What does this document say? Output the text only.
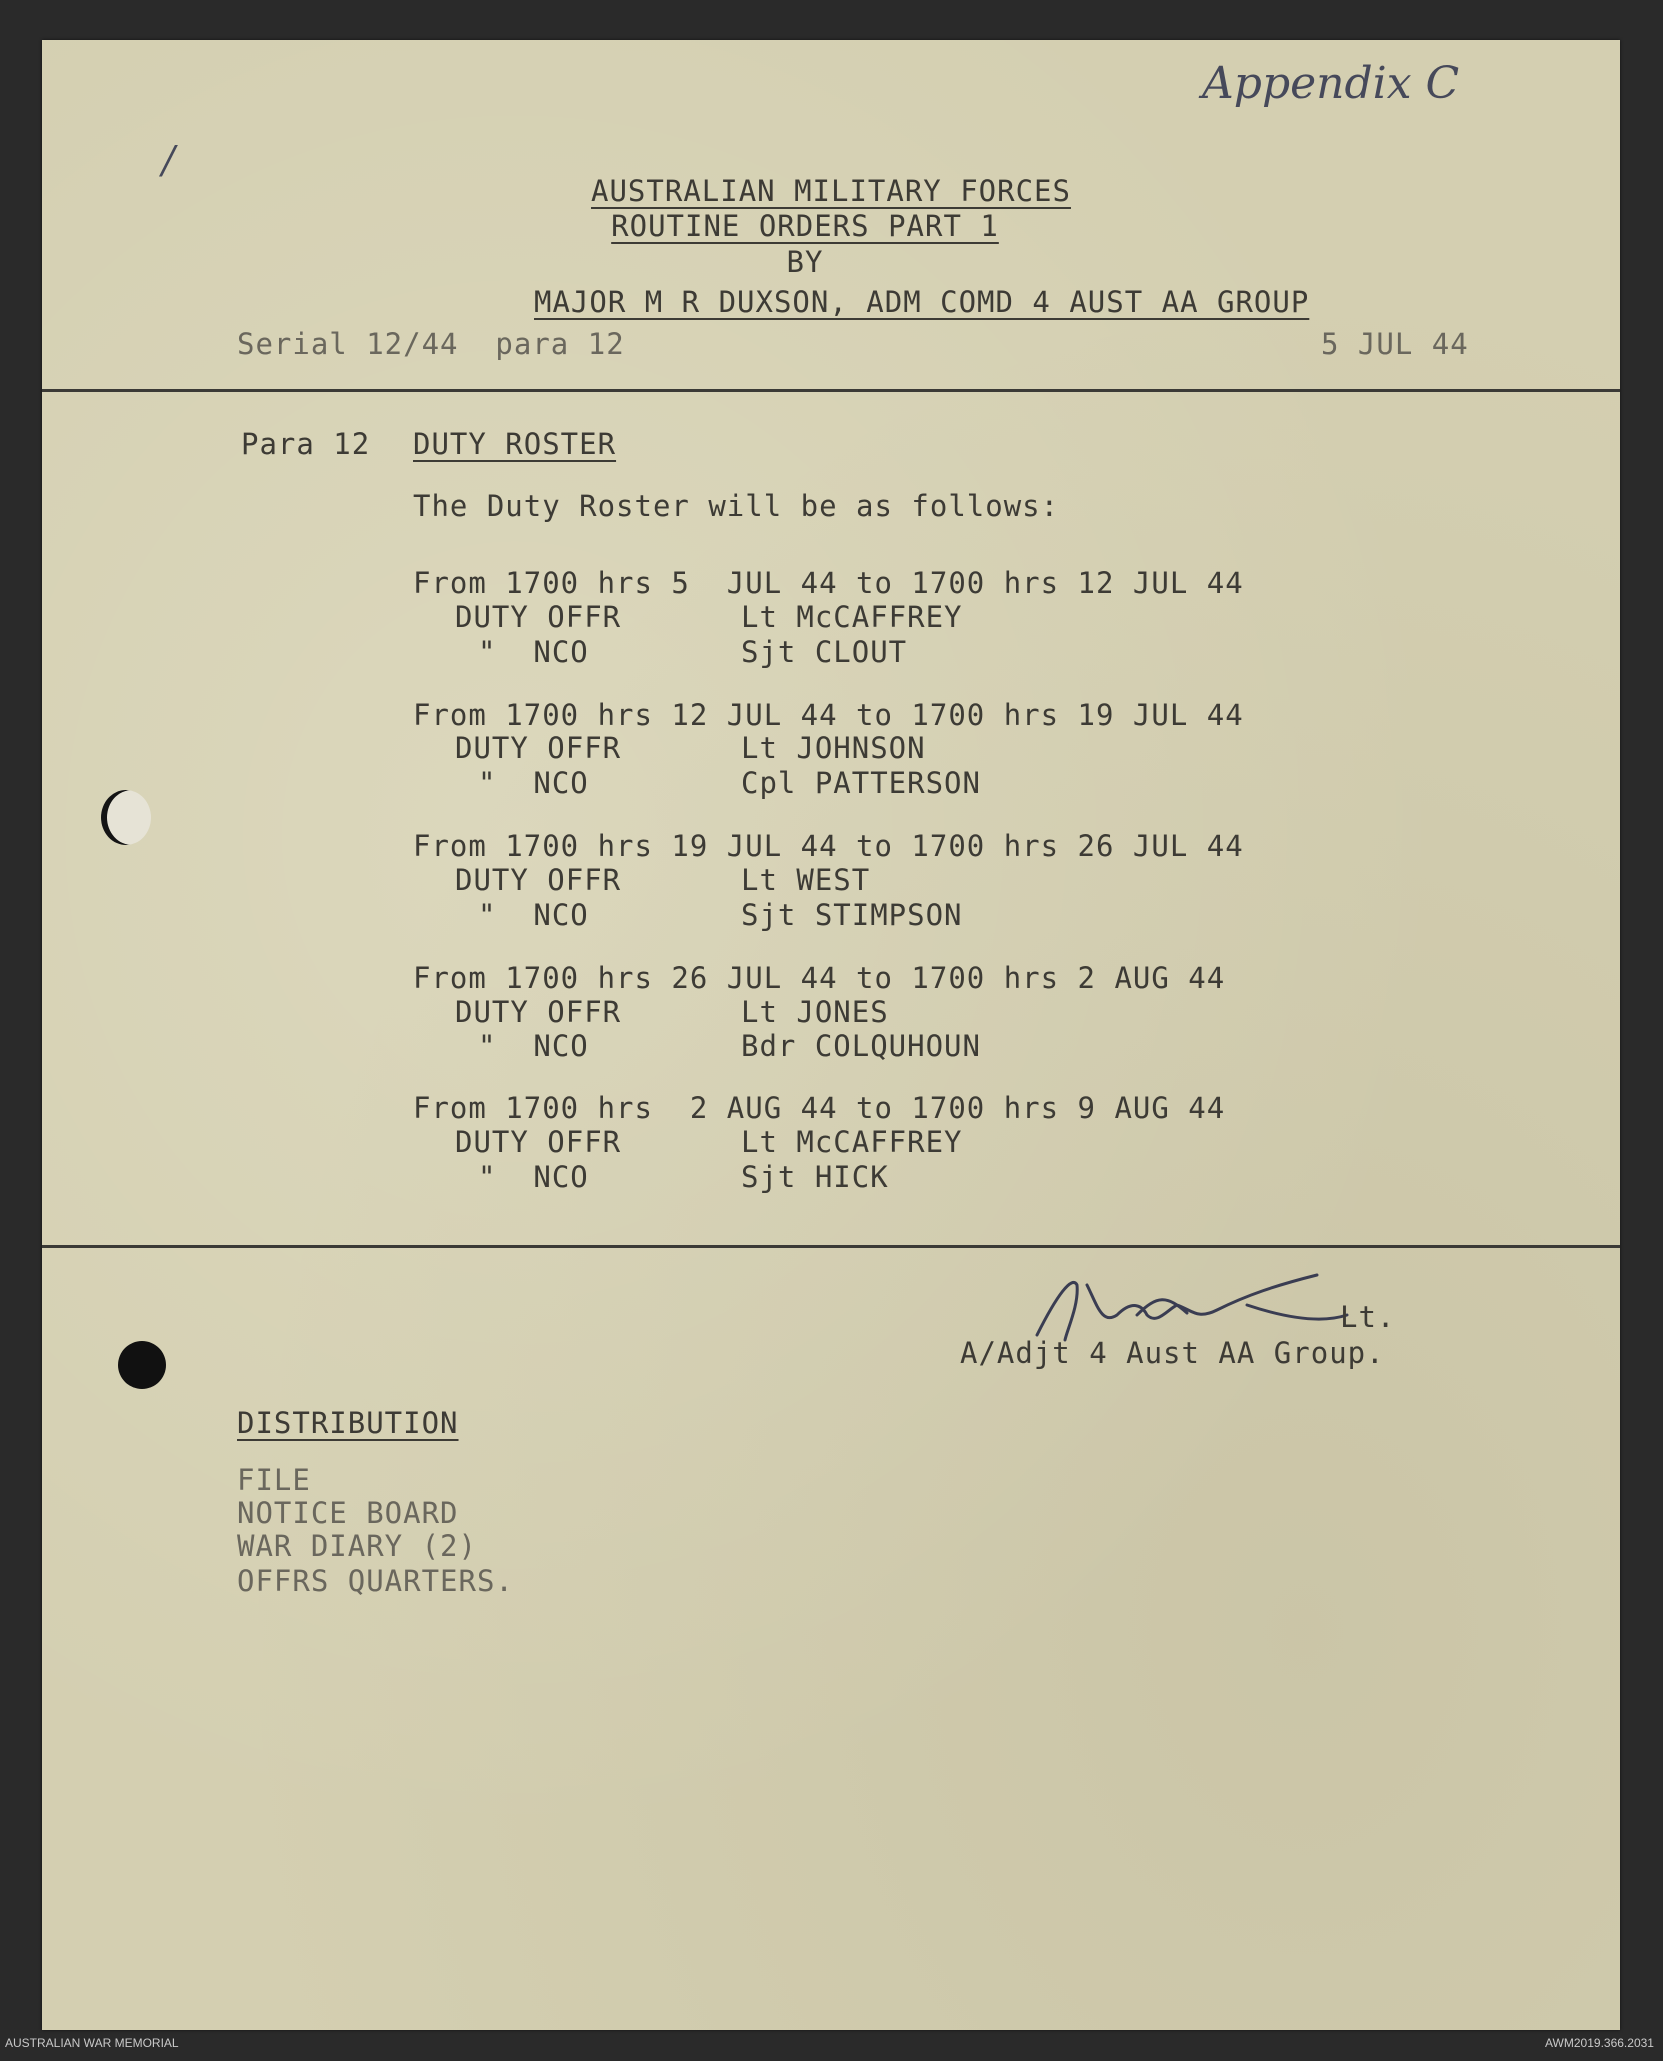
Appendix C
/
AUSTRALIAN MILITARY FORCES
ROUTINE ORDERS PART 1
BY
MAJOR M R DUXSON, ADM COMD 4 AUST AA GROUP
Serial 12/44  para 12	5 JUL 44
Para 12 DUTY ROSTER
The Duty Roster will be as follows:
From 1700 hrs 5  JUL 44 to 1700 hrs 12 JUL 44
DUTY OFFR	Lt McCAFFREY
"  NCO	Sjt CLOUT
From 1700 hrs 12 JUL 44 to 1700 hrs 19 JUL 44
DUTY OFFR	Lt JOHNSON
"  NCO	Cpl PATTERSON
From 1700 hrs 19 JUL 44 to 1700 hrs 26 JUL 44
DUTY OFFR	Lt WEST
"  NCO	Sjt STIMPSON
From 1700 hrs 26 JUL 44 to 1700 hrs 2 AUG 44
DUTY OFFR	Lt JONES
"  NCO	Bdr COLQUHOUN
From 1700 hrs  2 AUG 44 to 1700 hrs 9 AUG 44
DUTY OFFR	Lt McCAFFREY
"  NCO	Sjt HICK
Lt.
A/Adjt 4 Aust AA Group.
DISTRIBUTION
FILE
NOTICE BOARD
WAR DIARY (2)
OFFRS QUARTERS.
AUSTRALIAN WAR MEMORIAL	AWM2019.366.2031
